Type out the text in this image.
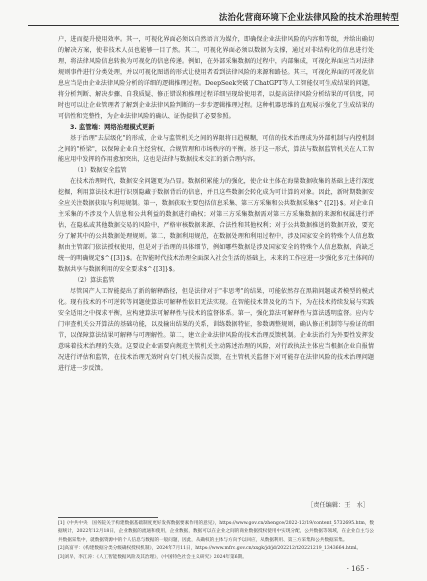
法治化营商环境下企业法律风险的技术治理转型

户，进而提升使用效率。其一，可视化界面必须以自然语言为媒介，即确保企业法律风险的内容和等级，并给出确切的解决方案，使非技术人员也能够一目了然。其二，可视化界面必须以数据为支撑，通过对非结构化的信息进行处理，将法律风险信息转换为可视化的信息传递。例如，在外部采集数据的过程中，内部集成，可视化界面应当对法律规则事件进行分类处理，并以可视化图谱的形式让使用者看到法律风险的来源和路径。其三，可视化界面的可视化信息应当是由企业法律风险分析的详细的逻辑推理过程。DeepSeek突破了ChatGPT等人工智能仅可生成结果的问题，将分析判断、解决步骤、自我质疑、修正错误和推理过程详细呈现给使用者，以提高法律风险分析结果的可信度，同时也可以让企业管理者了解到企业法律风险判断的一步步逻辑推理过程。这种机器思维的直观展示强化了生成结果的可信性和完整性，为企业法律风险的确认、证伪提供了必要参照。

3. 监管端：网络治理模式更新

基于治理"去层级化"的形成，企业与监管机关之间的界限将日趋模糊，可信的技术治理成为外部机制与内控机制之间的"桥梁"，以保障企业自主经营权、合规管理和市场秩序的平衡。基于这一形式，算法与数据监管机关在人工智能应用中发挥的作用愈加突出，这也是法律与数据技术交汇的新合理内容。

（1）数据安全监管

在技术治理时代，数据安全问题更为凸显。数据积累能力的强化，使企业主体在海量数据收集的基础上进行深度挖掘，利用算法技术进行识别隐藏于数据背后的信息，并且这些数据会转化成为可计算的对象。因此，新时期数据安全应关注数据获取与利用规制。第一，数据获取主要包括信息采集、第三方采集和公共数据采集$^{[2]}$。对企业自主采集的不涉及个人信息和公共利益的数据进行确权；对第三方采集数据需对第三方采集数据的来源和权属进行评估，在隐私或其他数据交易的风险中，严格审核数据来源、合法性和其他权利；对于公共数据推送的数据开放，要充分了解其中的公共数据处理规则。第二，数据利用规范，在数据处理和利用过程中，涉及国家安全的特殊个人信息数据由主管部门依法授权使用，但是对于治理的具体细节，例如哪些数据是涉及国家安全的特殊个人信息数据，尚缺乏统一的明确规定$^{[3]}$。在智能时代技术治理全面深入社会生活的基础上，未来的工作应进一步强化多元主体间的数据共享与数据利用的安全要求$^{[3]}$。

（2）算法监管

尽管国产人工智能提出了新的解释路径，但是法律对于"非思考"的结果，可能依然存在黑箱问题或者模型的模式化。现有技术的不可逆转等问题使算法可解释性依旧无法实现。在智能技术普及化的当下，为在技术持续发展与实践安全适用之中探求平衡，应构建算法可解释性与技术的监督体系。第一，强化算法可解释性与算法透明监督。应内专门审查机关公开算法的基础功能，以及输出结果的关系，训练数据特征，参数调整规则，确认修正机制等与验证的细节，以保障算法结果可解释与可理解性。第二，建立企业法律风险的技术治理反馈机制。企业法治行为外要性发挥发意味着技术治理的失效。这要设企业需要向规范主管机关主动陈述治理的风险，对行政执法主体应当根据企业自报情况进行评估和监管，在技术治理无效时向专门机关报告反馈，在主管机关监督下对可能存在法律风险的技术治理问题进行进一步反馈。

［责任编辑：王　水］

[1]《中共中央　国务院关于构建数据基础制度更好发挥数据要素作用的意见》，https://www.gov.cn/zhengce/2022-12/19/content_5732695.htm，数据统计，2022年12月18日，企业数据的流通和使用，企业数据，数据可以在企业之间的商业数据授权使用中实现分配，公共数据等领域，在企业自主与公共数据采集中，就数据资源中的个人信息与数据的一般问题，因此，从确权的主体与方向予以回应，从数据利用、第三方采集和公共数据采集。

[2]高富平：《构建数据分类分级确权授权机制》，2024年7月11日，https://www.mfrc.gov.cn/xxgk/jd/jd/202212/t20221219_1343664.html。

[3]刘早，李江涛：《人工智能数据风险及其治理》，《中国特色社会主义研究》2024年第6期。

· 165 ·
